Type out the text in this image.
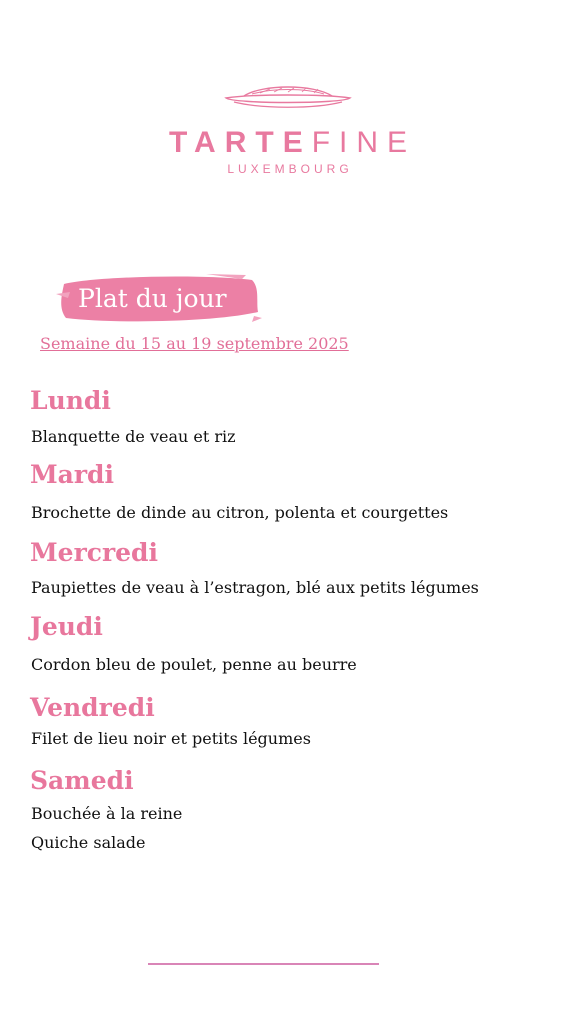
TARTEFINE
LUXEMBOURG
Plat du jour
Semaine du 15 au 19 septembre 2025
Lundi
Blanquette de veau et riz
Mardi
Brochette de dinde au citron, polenta et courgettes
Mercredi
Paupiettes de veau à l’estragon, blé aux petits légumes
Jeudi
Cordon bleu de poulet, penne au beurre
Vendredi
Filet de lieu noir et petits légumes
Samedi
Bouchée à la reine
Quiche salade
